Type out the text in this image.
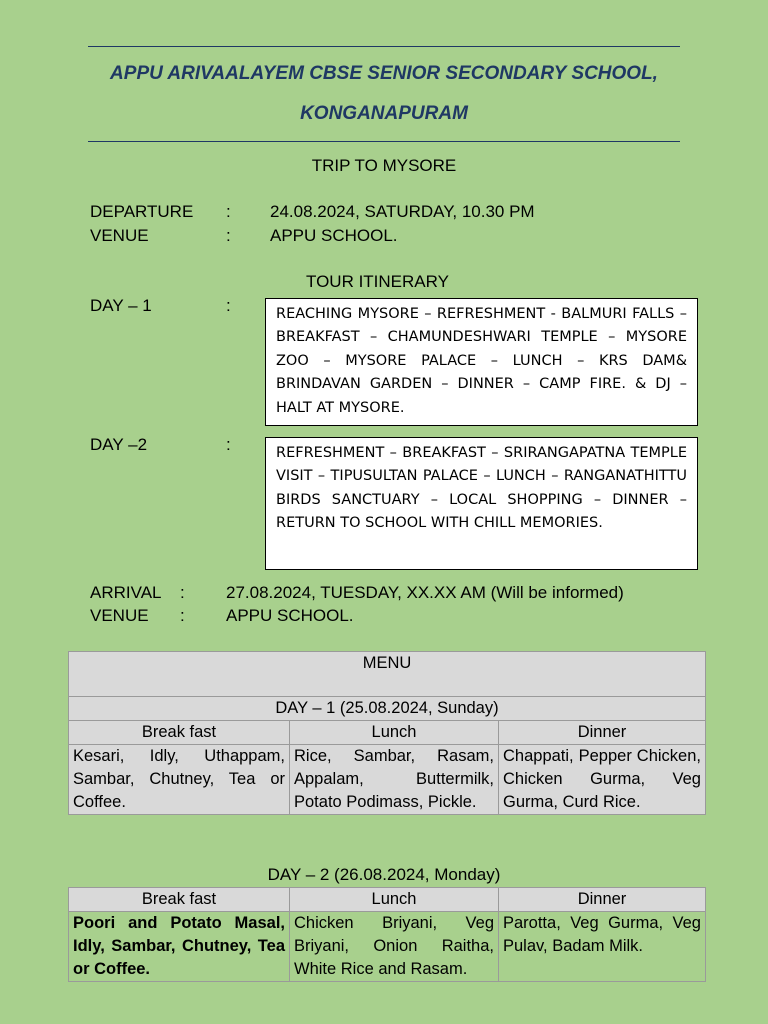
APPU ARIVAALAYEM CBSE SENIOR SECONDARY SCHOOL,
KONGANAPURAM
TRIP TO MYSORE
DEPARTURE : 24.08.2024, SATURDAY, 10.30 PM
VENUE	: APPU SCHOOL.
TOUR ITINERARY
DAY – 1	:	REACHING MYSORE – REFRESHMENT - BALMURI FALLS – BREAKFAST – CHAMUNDESHWARI TEMPLE – MYSORE ZOO – MYSORE PALACE – LUNCH – KRS DAM& BRINDAVAN GARDEN – DINNER – CAMP FIRE. & DJ – HALT AT MYSORE.
DAY –2	:	REFRESHMENT – BREAKFAST – SRIRANGAPATNA TEMPLE VISIT – TIPUSULTAN PALACE – LUNCH – RANGANATHITTU BIRDS SANCTUARY – LOCAL SHOPPING – DINNER – RETURN TO SCHOOL WITH CHILL MEMORIES.
ARRIVAL : 27.08.2024, TUESDAY, XX.XX AM (Will be informed)
VENUE : APPU SCHOOL.
MENU		
DAY – 1 (25.08.2024, Sunday)		
Break fast	Lunch	Dinner
Kesari, Idly, Uthappam, Sambar, Chutney, Tea or Coffee.	Rice, Sambar, Rasam, Appalam, Buttermilk, Potato Podimass, Pickle.	Chappati, Pepper Chicken, Chicken Gurma, Veg Gurma, Curd Rice.
DAY – 2 (26.08.2024, Monday)
Break fast	Lunch	Dinner
Poori and Potato Masal, Idly, Sambar, Chutney, Tea or Coffee.	Chicken Briyani, Veg Briyani, Onion Raitha, White Rice and Rasam.	Parotta, Veg Gurma, Veg Pulav, Badam Milk.
